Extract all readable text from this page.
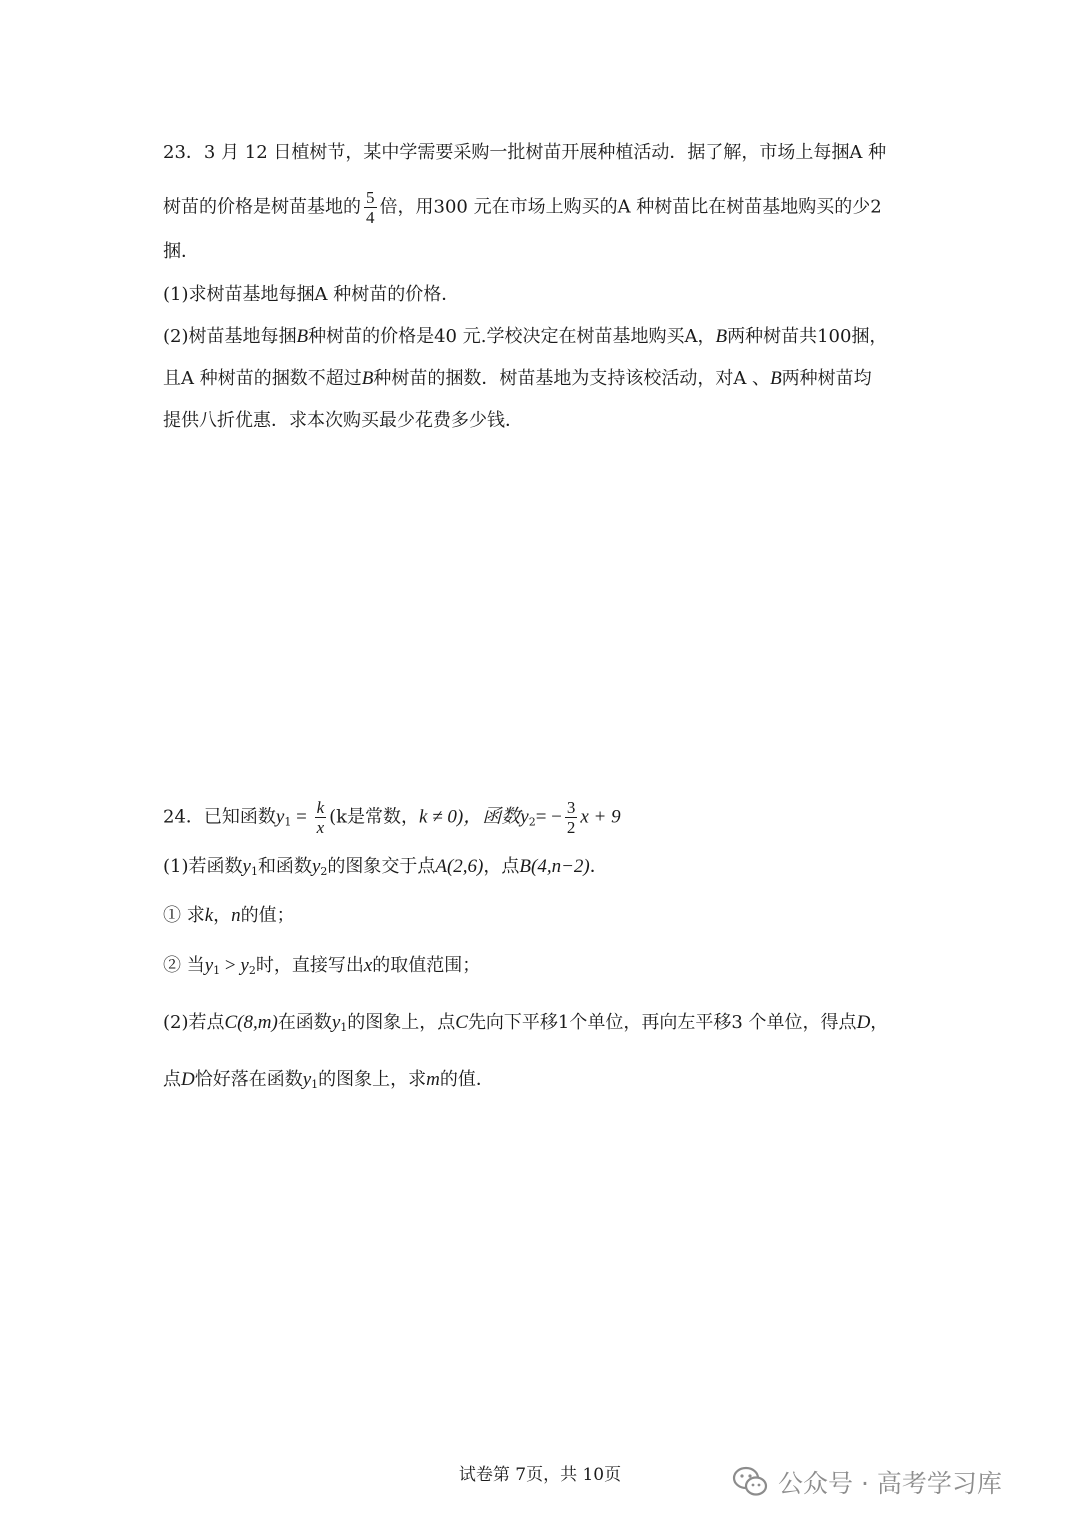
23．3 月 12 日植树节，某中学需要采购一批树苗开展种植活动．据了解，市场上每捆A 种
树苗的价格是树苗基地的 $\frac{5}{4}$ 倍，用300 元在市场上购买的A 种树苗比在树苗基地购买的少2
捆．
(1)求树苗基地每捆A 种树苗的价格．
(2)树苗基地每捆B种树苗的价格是40 元.学校决定在树苗基地购买A，B两种树苗共100捆，
且A 种树苗的捆数不超过B种树苗的捆数．树苗基地为支持该校活动，对A 、B两种树苗均
提供八折优惠．求本次购买最少花费多少钱．
24．已知函数$y_1 = \frac{k}{x} (k$是常数，k ≠ 0)，函数$y_2= - \frac{3}{2}$ x + 9
(1)若函数$y_1$和函数$y_2$的图象交于点A(2,6)，点B(4,n−2)．
① 求k，n的值；
② 当$y_1 > y_2$时，直接写出x的取值范围；
(2)若点C(8,m)在函数$y_1$的图象上，点C先向下平移1个单位，再向左平移3 个单位，得点D，
点D恰好落在函数$y_1$的图象上，求m的值．
试卷第 7页，共 10页	公众号 · 高考学习库
